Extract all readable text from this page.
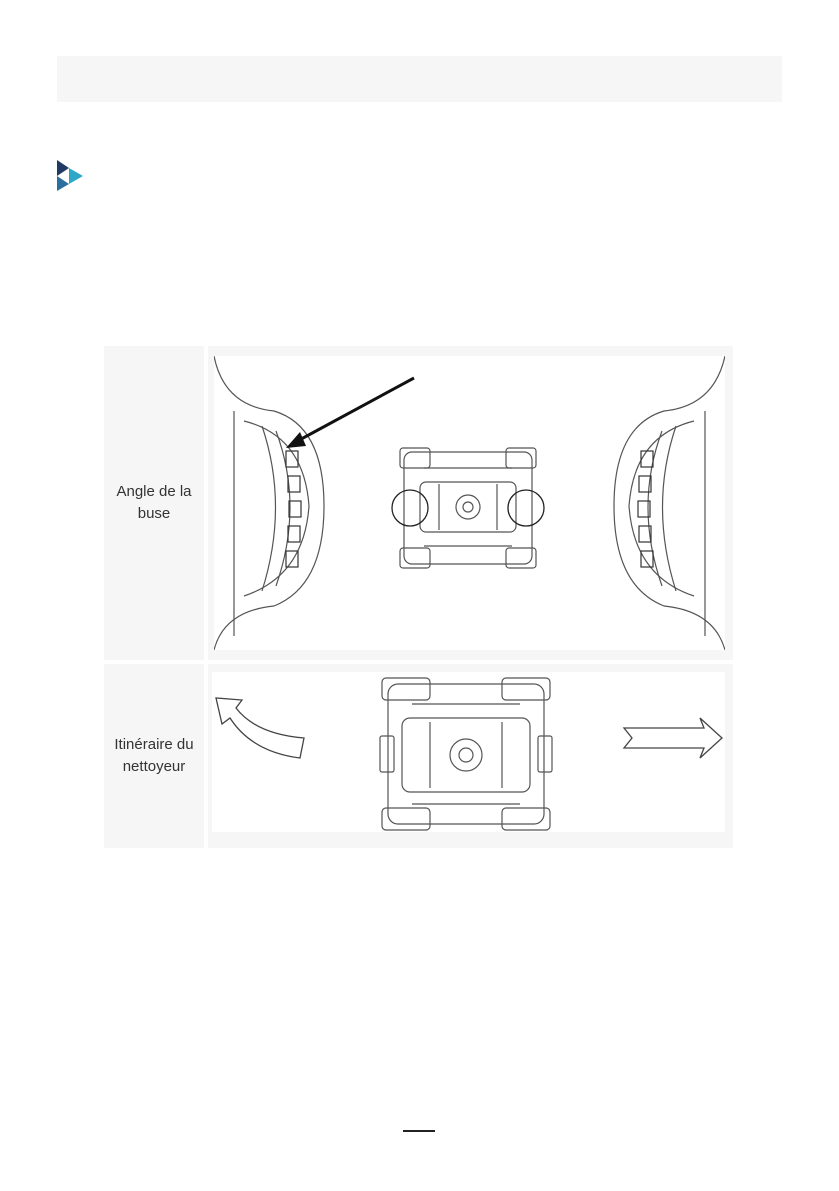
Angle de la buse
Itinéraire du nettoyeur
